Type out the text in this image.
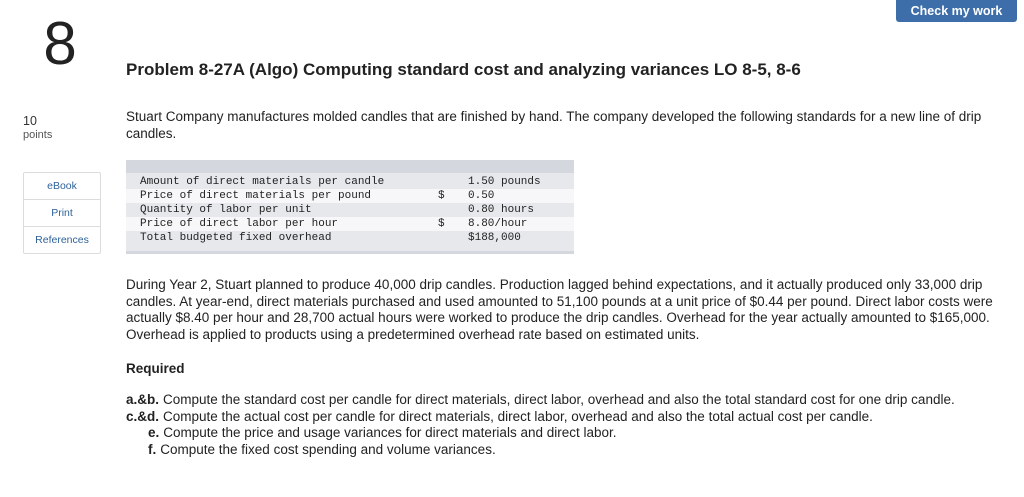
Check my work
8
10
points
eBook
Print
References
Problem 8-27A (Algo) Computing standard cost and analyzing variances LO 8-5, 8-6

Stuart Company manufactures molded candles that are finished by hand. The company developed the following standards for a new line of drip candles.

Amount of direct materials per candle	1.50 pounds
Price of direct materials per pound	$ 0.50
Quantity of labor per unit	0.80 hours
Price of direct labor per hour	$ 8.80/hour
Total budgeted fixed overhead	$188,000

During Year 2, Stuart planned to produce 40,000 drip candles. Production lagged behind expectations, and it actually produced only 33,000 drip candles. At year-end, direct materials purchased and used amounted to 51,100 pounds at a unit price of $0.44 per pound. Direct labor costs were actually $8.40 per hour and 28,700 actual hours were worked to produce the drip candles. Overhead for the year actually amounted to $165,000. Overhead is applied to products using a predetermined overhead rate based on estimated units.

Required
a.&b. Compute the standard cost per candle for direct materials, direct labor, overhead and also the total standard cost for one drip candle.
c.&d. Compute the actual cost per candle for direct materials, direct labor, overhead and also the total actual cost per candle.
e. Compute the price and usage variances for direct materials and direct labor.
f. Compute the fixed cost spending and volume variances.
